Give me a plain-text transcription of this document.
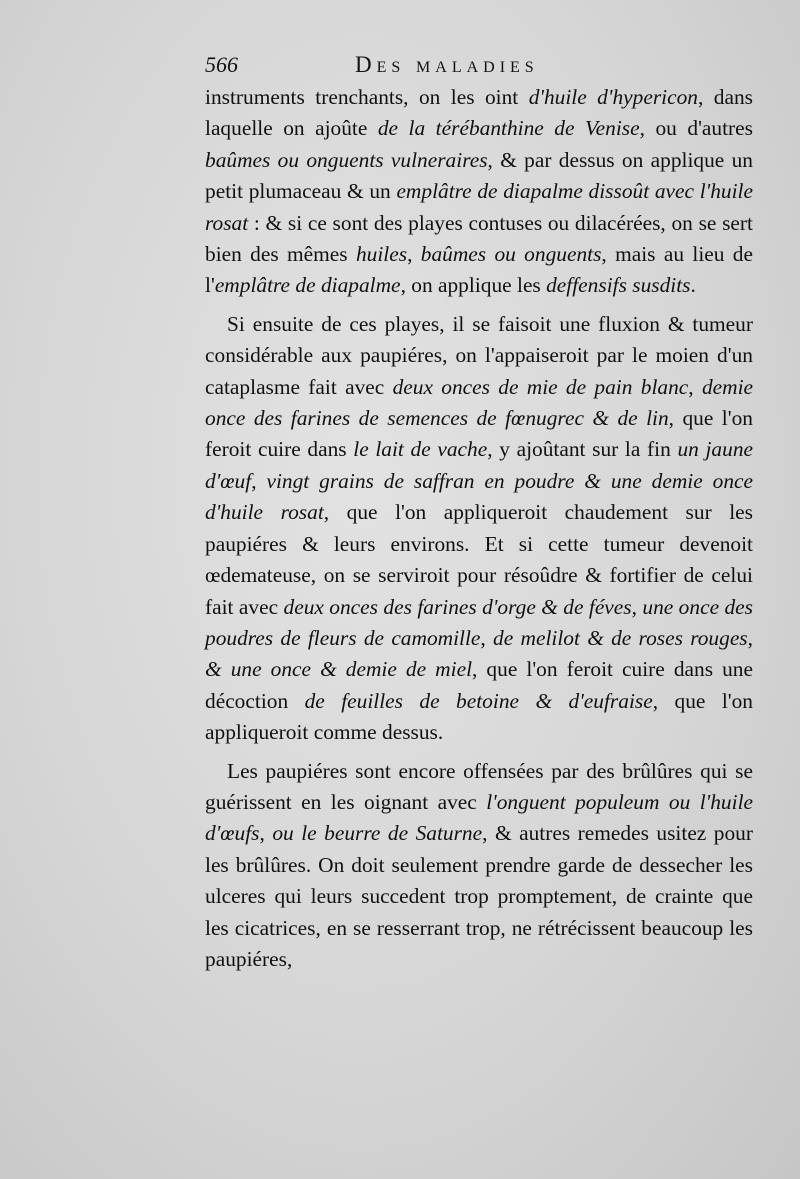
566	Des maladies

instruments trenchants, on les oint d'huile d'hypericon, dans laquelle on ajoûte de la térébanthine de Venise, ou d'autres baûmes ou onguents vulneraires, & par dessus on applique un petit plumaceau & un emplâtre de diapalme dissoût avec l'huile rosat : & si ce sont des playes contuses ou dilacérées, on se sert bien des mêmes huiles, baûmes ou onguents, mais au lieu de l'emplâtre de diapalme, on applique les deffensifs susdits.

Si ensuite de ces playes, il se faisoit une fluxion & tumeur considérable aux paupiéres, on l'appaiseroit par le moien d'un cataplasme fait avec deux onces de mie de pain blanc, demie once des farines de semences de fœnugrec & de lin, que l'on feroit cuire dans le lait de vache, y ajoûtant sur la fin un jaune d'œuf, vingt grains de saffran en poudre & une demie once d'huile rosat, que l'on appliqueroit chaudement sur les paupiéres & leurs environs. Et si cette tumeur devenoit œdemateuse, on se serviroit pour résoûdre & fortifier de celui fait avec deux onces des farines d'orge & de féves, une once des poudres de fleurs de camomille, de melilot & de roses rouges, & une once & demie de miel, que l'on feroit cuire dans une décoction de feuilles de betoine & d'eufraise, que l'on appliqueroit comme dessus.

Les paupiéres sont encore offensées par des brûlûres qui se guérissent en les oignant avec l'onguent populeum ou l'huile d'œufs, ou le beurre de Saturne, & autres remedes usitez pour les brûlûres. On doit seulement prendre garde de dessecher les ulceres qui leurs succedent trop promptement, de crainte que les cicatrices, en se resserrant trop, ne rétrécissent beaucoup les paupiéres,
